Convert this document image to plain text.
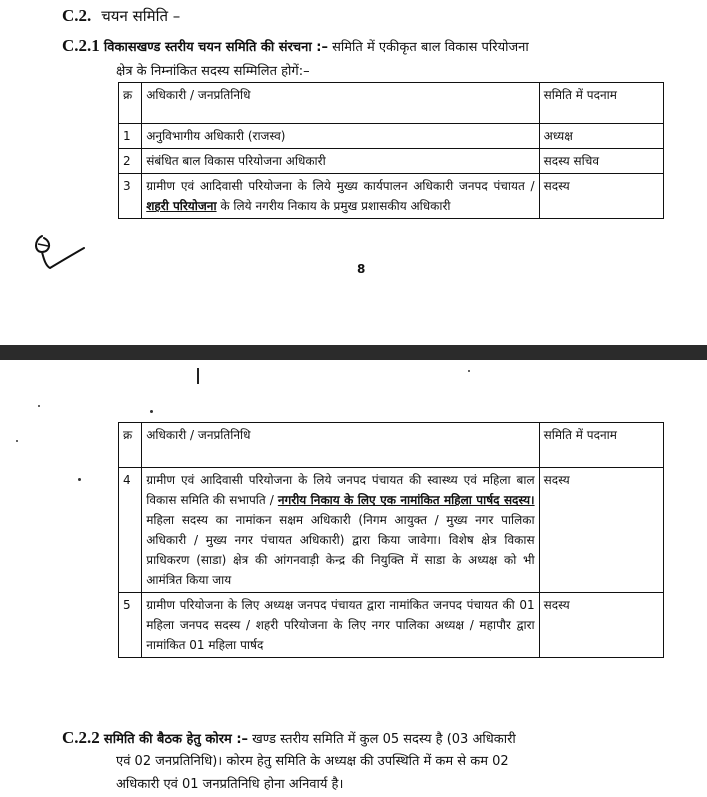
C.2. चयन समिति –
C.2.1 विकासखण्ड स्तरीय चयन समिति की संरचना :– समिति में एकीकृत बाल विकास परियोजना
क्षेत्र के निम्नांकित सदस्य सम्मिलित होगें:–
क्र	अधिकारी / जनप्रतिनिधि	समिति में पदनाम
1	अनुविभागीय अधिकारी (राजस्व)	अध्यक्ष
2	संबंधित बाल विकास परियोजना अधिकारी	सदस्य सचिव
3	ग्रामीण एवं आदिवासी परियोजना के लिये मुख्य कार्यपालन अधिकारी जनपद पंचायत / शहरी परियोजना के लिये नगरीय निकाय के प्रमुख प्रशासकीय अधिकारी	सदस्य
8
क्र	अधिकारी / जनप्रतिनिधि	समिति में पदनाम
4	ग्रामीण एवं आदिवासी परियोजना के लिये जनपद पंचायत की स्वास्थ्य एवं महिला बाल विकास समिति की सभापति / नगरीय निकाय के लिए एक नामांकित महिला पार्षद सदस्य। महिला सदस्य का नामांकन सक्षम अधिकारी (निगम आयुक्त / मुख्य नगर पालिका अधिकारी / मुख्य नगर पंचायत अधिकारी) द्वारा किया जावेगा। विशेष क्षेत्र विकास प्राधिकरण (साडा) क्षेत्र की आंगनवाड़ी केन्द्र की नियुक्ति में साडा के अध्यक्ष को भी आमंत्रित किया जाय	सदस्य
5	ग्रामीण परियोजना के लिए अध्यक्ष जनपद पंचायत द्वारा नामांकित जनपद पंचायत की 01 महिला जनपद सदस्य / शहरी परियोजना के लिए नगर पालिका अध्यक्ष / महापौर द्वारा नामांकित 01 महिला पार्षद	सदस्य
C.2.2 समिति की बैठक हेतु कोरम :– खण्ड स्तरीय समिति में कुल 05 सदस्य है (03 अधिकारी
एवं 02 जनप्रतिनिधि)। कोरम हेतु समिति के अध्यक्ष की उपस्थिति में कम से कम 02
अधिकारी एवं 01 जनप्रतिनिधि होना अनिवार्य है।
